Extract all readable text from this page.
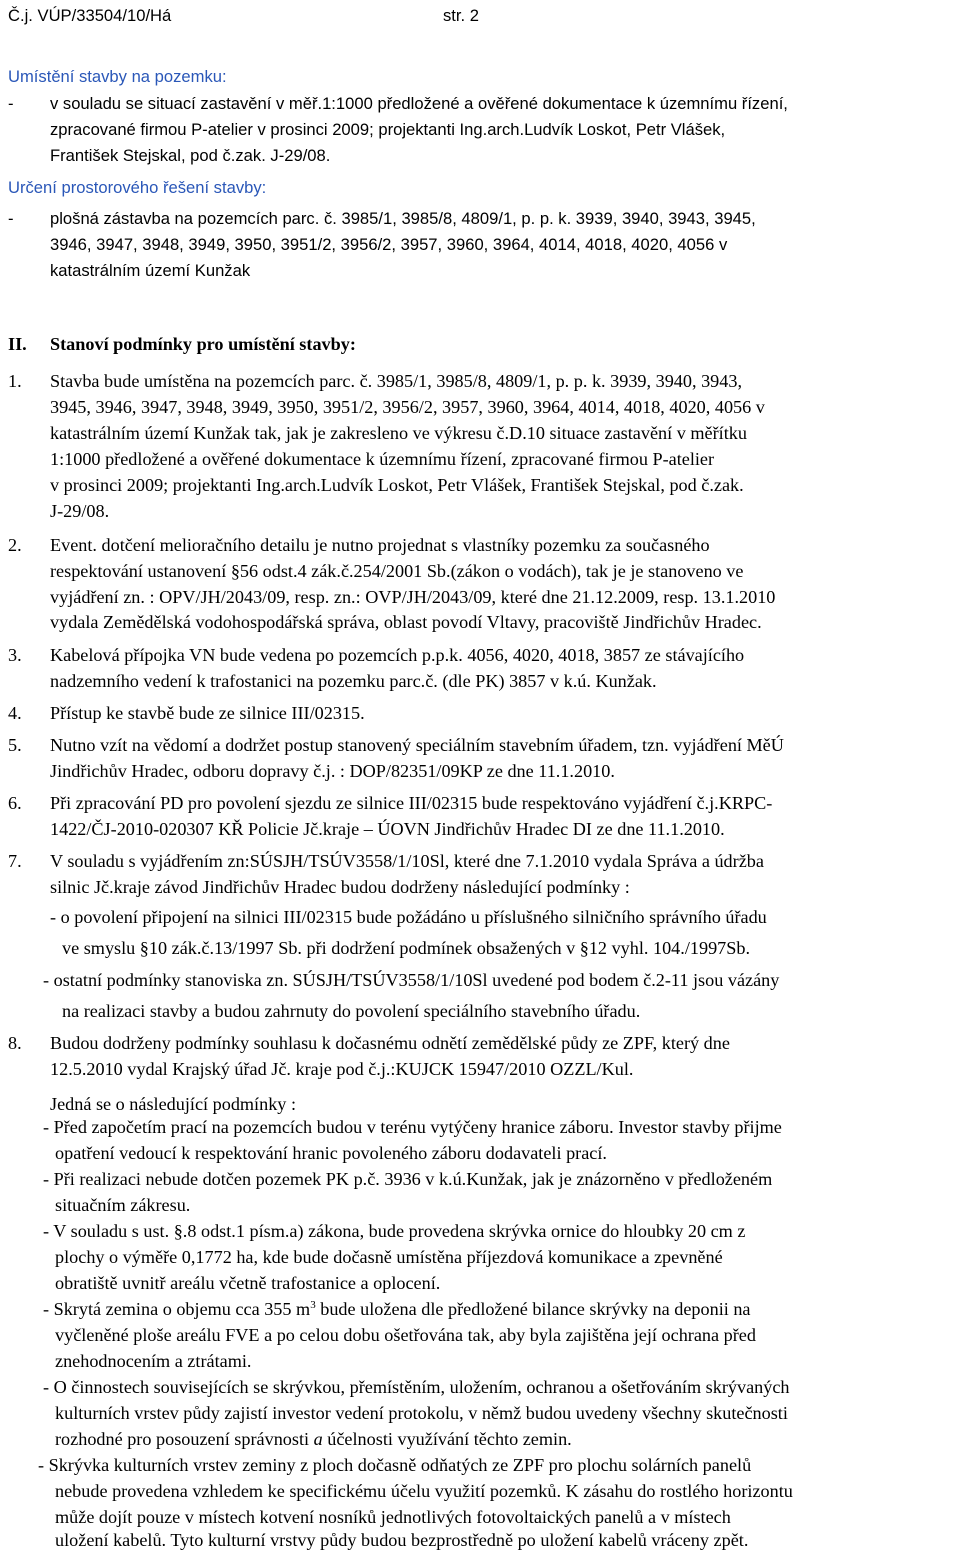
Č.j. VÚP/33504/10/Há	str. 2
Umístění stavby na pozemku:
- v souladu se situací zastavění v měř.1:1000 předložené a ověřené dokumentace k územnímu řízení,
zpracované firmou P-atelier v prosinci 2009; projektanti Ing.arch.Ludvík Loskot, Petr Vlášek,
František Stejskal, pod č.zak. J-29/08.
Určení prostorového řešení stavby:
- plošná zástavba na pozemcích parc. č. 3985/1, 3985/8, 4809/1, p. p. k. 3939, 3940, 3943, 3945,
3946, 3947, 3948, 3949, 3950, 3951/2, 3956/2, 3957, 3960, 3964, 4014, 4018, 4020, 4056 v
katastrálním území Kunžak
II. Stanoví podmínky pro umístění stavby:
1. Stavba bude umístěna na pozemcích parc. č. 3985/1, 3985/8, 4809/1, p. p. k. 3939, 3940, 3943,
3945, 3946, 3947, 3948, 3949, 3950, 3951/2, 3956/2, 3957, 3960, 3964, 4014, 4018, 4020, 4056 v
katastrálním území Kunžak tak, jak je zakresleno ve výkresu č.D.10 situace zastavění v měřítku
1:1000 předložené a ověřené dokumentace k územnímu řízení, zpracované firmou P-atelier
v prosinci 2009; projektanti Ing.arch.Ludvík Loskot, Petr Vlášek, František Stejskal, pod č.zak.
J-29/08.
2. Event. dotčení melioračního detailu je nutno projednat s vlastníky pozemku za současného
respektování ustanovení §56 odst.4 zák.č.254/2001 Sb.(zákon o vodách), tak je je stanoveno ve
vyjádření zn. : OPV/JH/2043/09, resp. zn.: OVP/JH/2043/09, které dne 21.12.2009, resp. 13.1.2010
vydala Zemědělská vodohospodářská správa, oblast povodí Vltavy, pracoviště Jindřichův Hradec.
3. Kabelová přípojka VN bude vedena po pozemcích p.p.k. 4056, 4020, 4018, 3857 ze stávajícího
nadzemního vedení k trafostanici na pozemku parc.č. (dle PK) 3857 v k.ú. Kunžak.
4. Přístup ke stavbě bude ze silnice III/02315.
5. Nutno vzít na vědomí a dodržet postup stanovený speciálním stavebním úřadem, tzn. vyjádření MěÚ
Jindřichův Hradec, odboru dopravy č.j. : DOP/82351/09KP ze dne 11.1.2010.
6. Při zpracování PD pro povolení sjezdu ze silnice III/02315 bude respektováno vyjádření č.j.KRPC-
1422/ČJ-2010-020307 KŘ Policie Jč.kraje – ÚOVN Jindřichův Hradec DI ze dne 11.1.2010.
7. V souladu s vyjádřením zn:SÚSJH/TSÚV3558/1/10Sl, které dne 7.1.2010 vydala Správa a údržba
silnic Jč.kraje závod Jindřichův Hradec budou dodrženy následující podmínky :
- o povolení připojení na silnici III/02315 bude požádáno u příslušného silničního správního úřadu
ve smyslu §10 zák.č.13/1997 Sb. při dodržení podmínek obsažených v §12 vyhl. 104./1997Sb.
- ostatní podmínky stanoviska zn. SÚSJH/TSÚV3558/1/10Sl uvedené pod bodem č.2-11 jsou vázány
na realizaci stavby a budou zahrnuty do povolení speciálního stavebního úřadu.
8. Budou dodrženy podmínky souhlasu k dočasnému odnětí zemědělské půdy ze ZPF, který dne
12.5.2010 vydal Krajský úřad Jč. kraje pod č.j.:KUJCK 15947/2010 OZZL/Kul.
Jedná se o následující podmínky :
- Před započetím prací na pozemcích budou v terénu vytýčeny hranice záboru. Investor stavby přijme
opatření vedoucí k respektování hranic povoleného záboru dodavateli prací.
- Při realizaci nebude dotčen pozemek PK p.č. 3936 v k.ú.Kunžak, jak je znázorněno v předloženém
situačním zákresu.
- V souladu s ust. §.8 odst.1 písm.a) zákona, bude provedena skrývka ornice do hloubky 20 cm z
plochy o výměře 0,1772 ha, kde bude dočasně umístěna příjezdová komunikace a zpevněné
obratiště uvnitř areálu včetně trafostanice a oplocení.
- Skrytá zemina o objemu cca 355 $m^3$ bude uložena dle předložené bilance skrývky na deponii na
vyčleněné ploše areálu FVE a po celou dobu ošetřována tak, aby byla zajištěna její ochrana před
znehodnocením a ztrátami.
- O činnostech souvisejících se skrývkou, přemístěním, uložením, ochranou a ošetřováním skrývaných
kulturních vrstev půdy zajistí investor vedení protokolu, v němž budou uvedeny všechny skutečnosti
rozhodné pro posouzení správnosti a účelnosti využívání těchto zemin.
- Skrývka kulturních vrstev zeminy z ploch dočasně odňatých ze ZPF pro plochu solárních panelů
nebude provedena vzhledem ke specifickému účelu využití pozemků. K zásahu do rostlého horizontu
může dojít pouze v místech kotvení nosníků jednotlivých fotovoltaických panelů a v místech
uložení kabelů. Tyto kulturní vrstvy půdy budou bezprostředně po uložení kabelů vráceny zpět.
